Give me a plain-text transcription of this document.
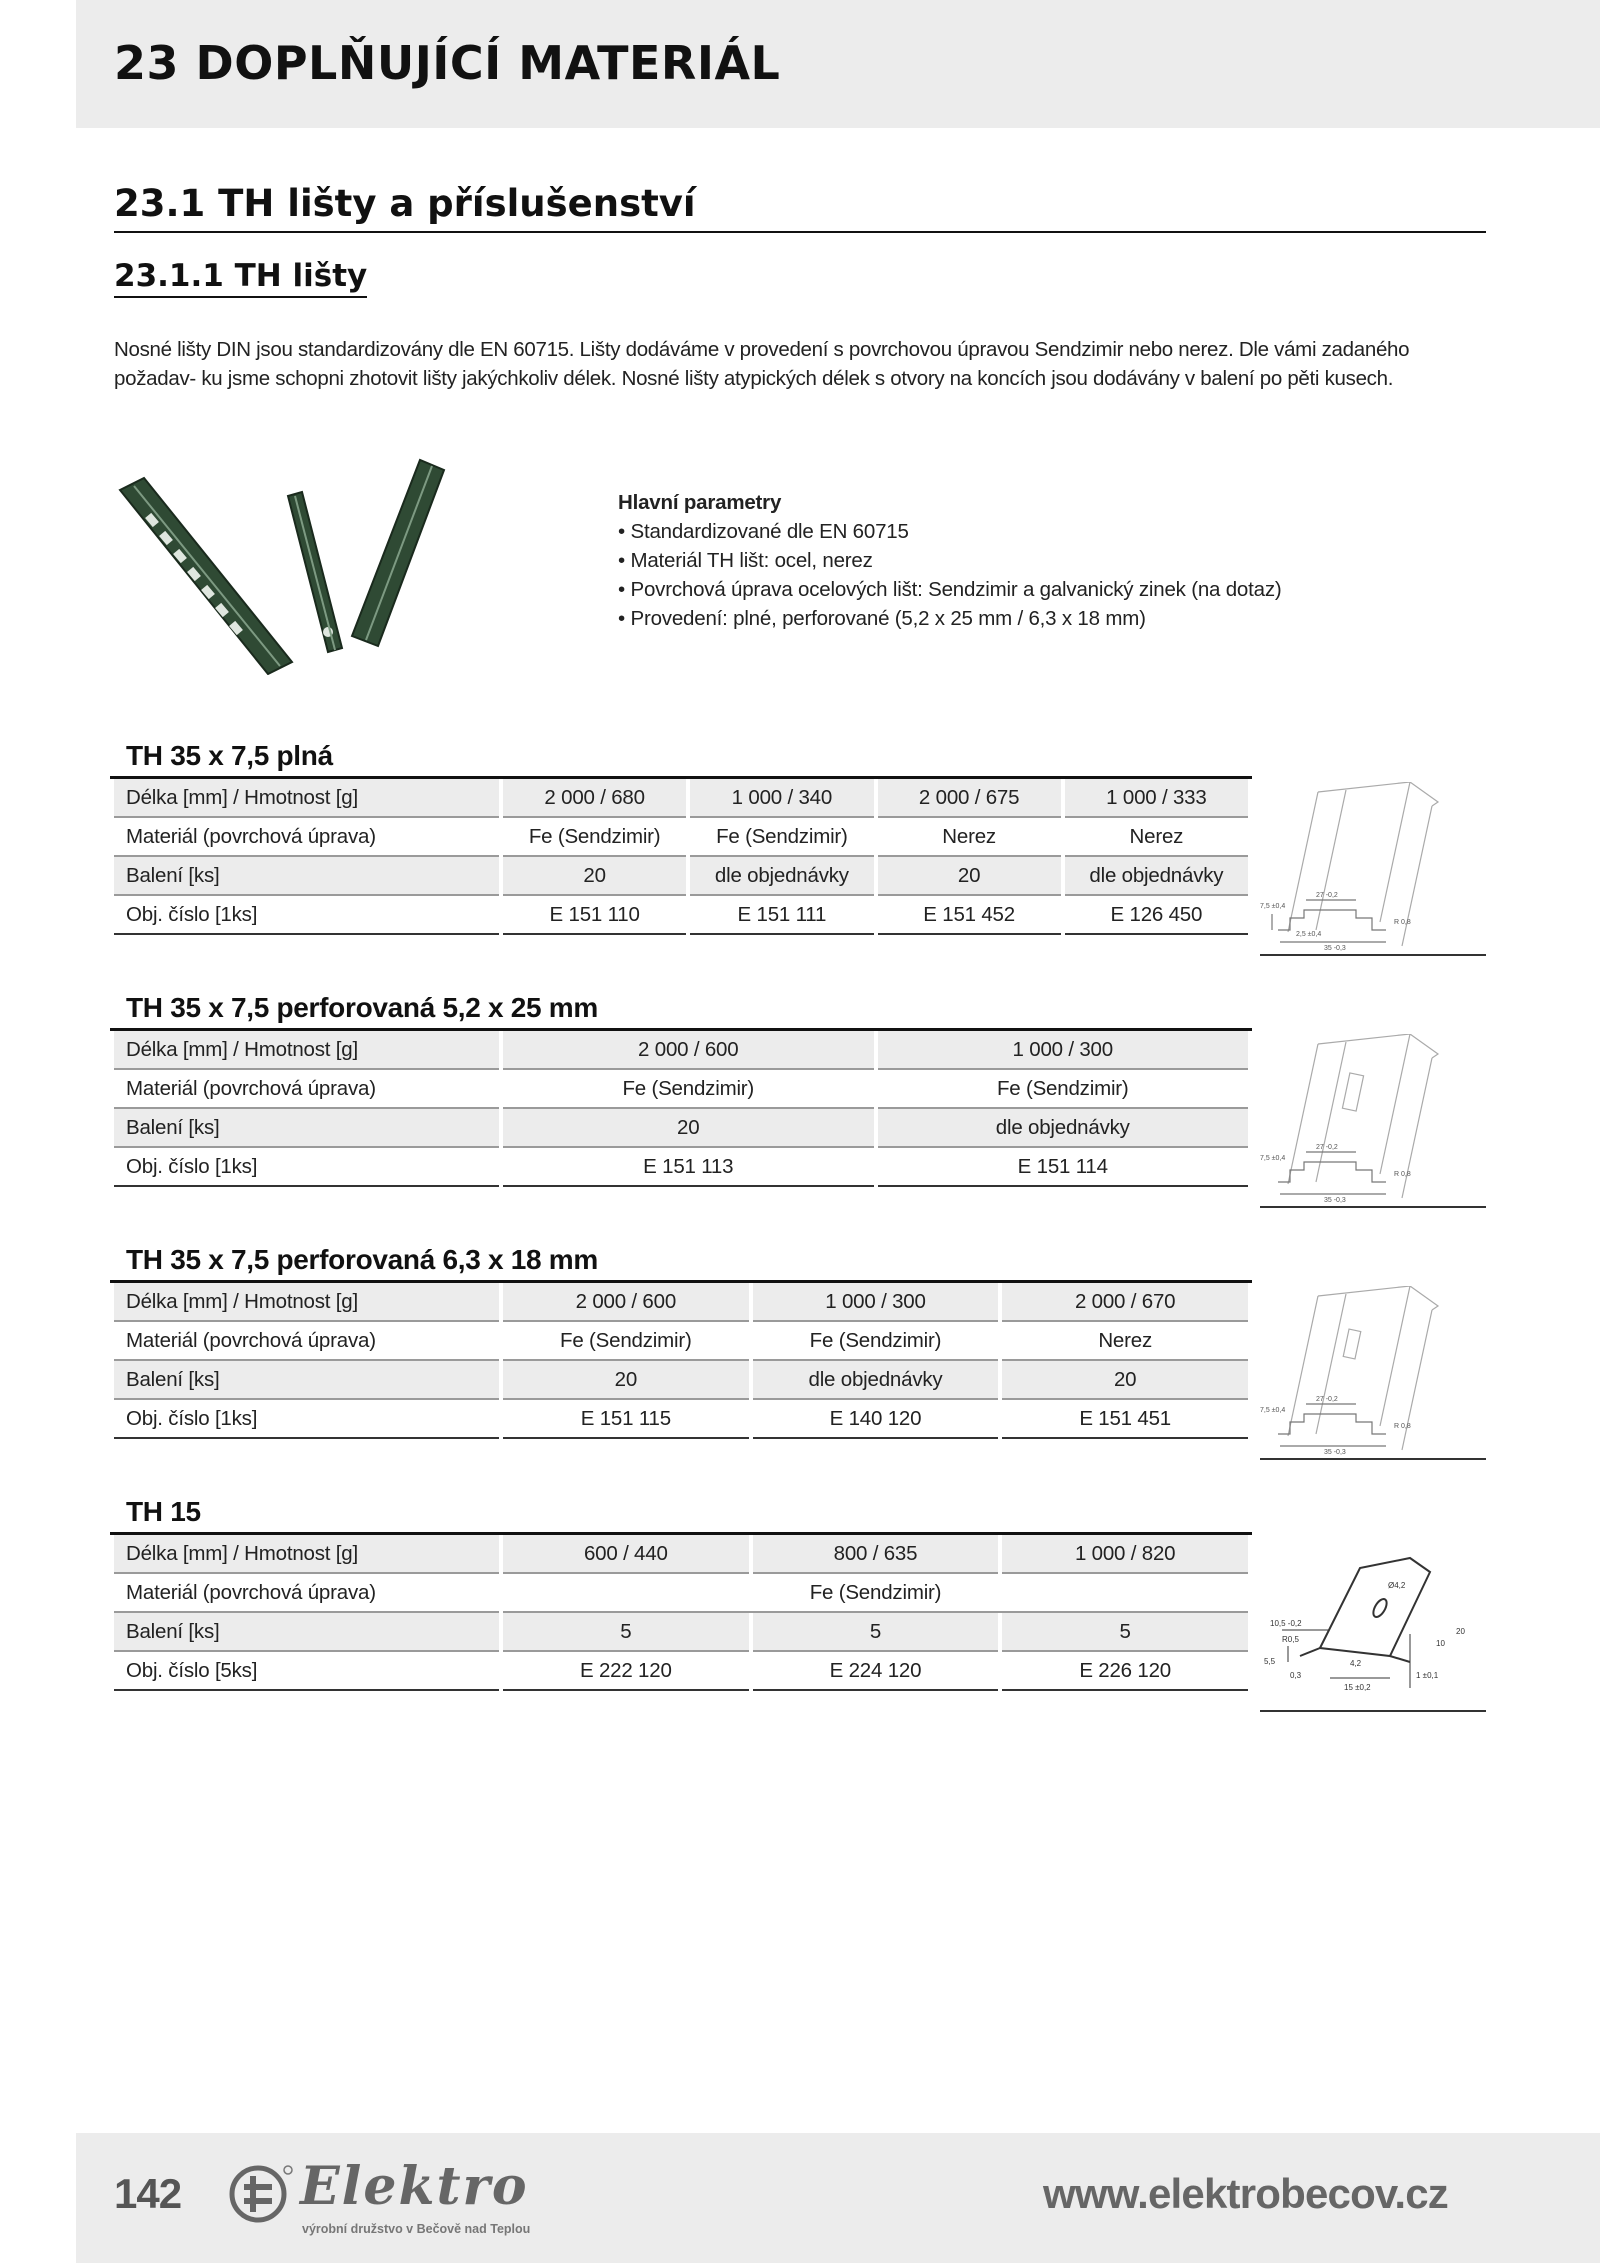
23 DOPLŇUJÍCÍ MATERIÁL
23.1 TH lišty a příslušenství
23.1.1 TH lišty

Nosné lišty DIN jsou standardizovány dle EN 60715. Lišty dodáváme v provedení s povrchovou úpravou Sendzimir nebo nerez. Dle vámi zadaného požadav- ku jsme schopni zhotovit lišty jakýchkoliv délek. Nosné lišty atypických délek s otvory na koncích jsou dodávány v balení po pěti kusech.

Hlavní parametry
• Standardizované dle EN 60715
• Materiál TH lišt: ocel, nerez
• Povrchová úprava ocelových lišt: Sendzimir a galvanický zinek (na dotaz)
• Provedení: plné, perforované (5,2 x 25 mm / 6,3 x 18 mm)
TH 35 x 7,5 plná
Délka [mm] / Hmotnost [g]	2 000 / 680	1 000 / 340	2 000 / 675	1 000 / 333
Materiál (povrchová úprava)	Fe (Sendzimir)	Fe (Sendzimir)	Nerez	Nerez
Balení [ks]	20	dle objednávky	20	dle objednávky
Obj. číslo [1ks]	E 151 110	E 151 111	E 151 452	E 126 450
27 -0,2
R 0,8
7,5 ±0,4
2,5 ±0,4
35 -0,3
TH 35 x 7,5 perforovaná 5,2 x 25 mm
Délka [mm] / Hmotnost [g]	2 000 / 600	1 000 / 300
Materiál (povrchová úprava)	Fe (Sendzimir)	Fe (Sendzimir)
Balení [ks]	20	dle objednávky
Obj. číslo [1ks]	E 151 113	E 151 114
27 -0,2
R 0,8
7,5 ±0,4
35 -0,3
TH 35 x 7,5 perforovaná 6,3 x 18 mm
Délka [mm] / Hmotnost [g]	2 000 / 600	1 000 / 300	2 000 / 670
Materiál (povrchová úprava)	Fe (Sendzimir)	Fe (Sendzimir)	Nerez
Balení [ks]	20	dle objednávky	20
Obj. číslo [1ks]	E 151 115	E 140 120	E 151 451
27 -0,2
R 0,8
7,5 ±0,4
35 -0,3
TH 15
Délka [mm] / Hmotnost [g]	600 / 440	800 / 635	1 000 / 820
Materiál (povrchová úprava)	Fe (Sendzimir)		
Balení [ks]	5	5	5
Obj. číslo [5ks]	E 222 120	E 224 120	E 226 120
10,5 -0,2
R0,5
5,5
0,3
4,2
15 ±0,2
1 ±0,1
20
10
Ø4,2
142 Elektro
výrobní družstvo v Bečově nad Teplou
www.elektrobecov.cz
